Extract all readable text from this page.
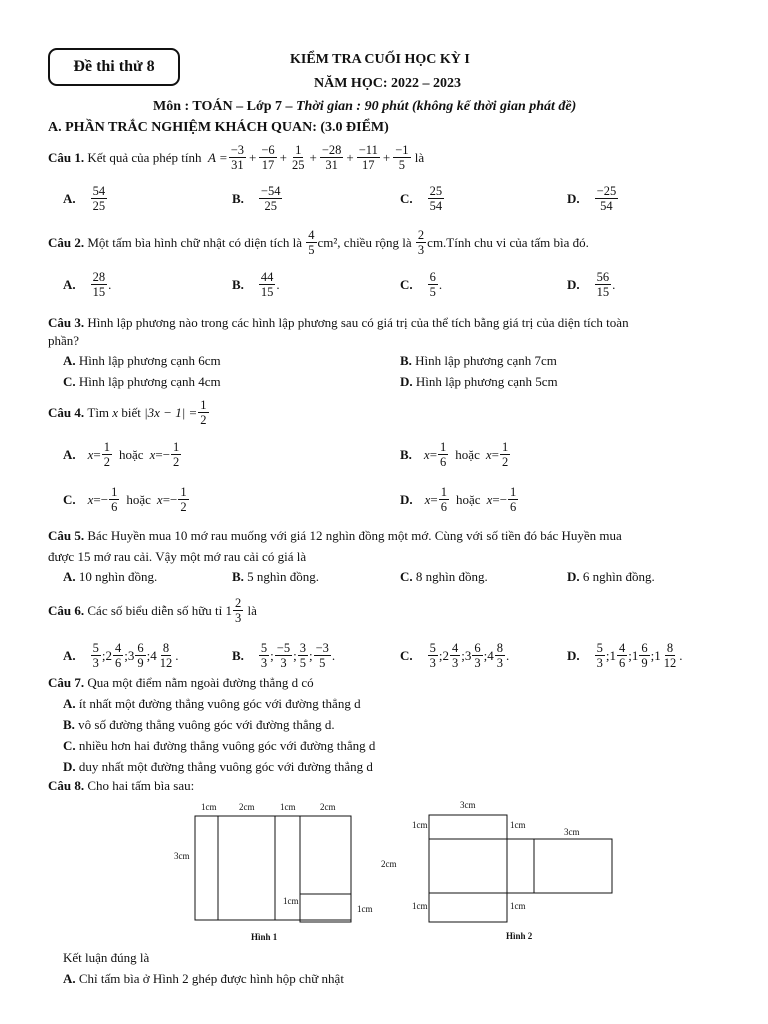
Đề thi thử 8	KIỂM TRA CUỐI HỌC KỲ I
NĂM HỌC: 2022 – 2023
Môn : TOÁN – Lớp 7 – Thời gian : 90 phút (không kể thời gian phát đề)
A. PHẦN TRẮC NGHIỆM KHÁCH QUAN: (3.0 ĐIỂM)
Câu 1.
Kết quả của phép tính
$A = \frac{-3}{31} + \frac{-6}{17} + \frac{1}{25} + \frac{-28}{31} + \frac{-11}{17} + \frac{-1}{5}$
là
A. $\frac{54}{25}$	B. $\frac{-54}{25}$	C. $\frac{25}{54}$	D. $\frac{-25}{54}$
Câu 2.
Một tấm bìa hình chữ nhật có diện tích là
$\frac{4}{5} cm^2$, chiều rộng là
$\frac{2}{3}$ cm.Tính chu vi của tấm bìa đó.
A. $\frac{28}{15}$ .	B. $\frac{44}{15}$ .	C. $\frac{6}{5}$ .	D. $\frac{56}{15}$ .
Câu 3. Hình lập phương nào trong các hình lập phương sau có giá trị của thể tích bằng giá trị của diện tích toàn
phần?
A. Hình lập phương cạnh 6cm	B. Hình lập phương cạnh 7cm
C. Hình lập phương cạnh 4cm	D. Hình lập phương cạnh 5cm
Câu 4.
Tìm
x
biết
$|3x - 1| = \frac{1}{2}$
A. $x = \frac{1}{2}$ hoặc x = − $\frac{1}{2}$	B. $x = \frac{1}{6}$ hoặc $x = \frac{1}{2}$
C. x = − $\frac{1}{6}$ hoặc x = − $\frac{1}{2}$	D. $x = \frac{1}{6}$ hoặc x = − $\frac{1}{6}$
Câu 5. Bác Huyền mua 10 mớ rau muống với giá 12 nghìn đồng một mớ. Cùng với số tiền đó bác Huyền mua
được 15 mớ rau cải. Vậy một mớ rau cải có giá là
A. 10 nghìn đồng.	B. 5 nghìn đồng.	C. 8 nghìn đồng.	D. 6 nghìn đồng.
Câu 6.
Các số biểu diễn số hữu tỉ
$1 \frac{2}{3}$
là
A. $\frac{5}{3}$ ; $2 \frac{4}{6}$ ; $3 \frac{6}{9}$ ; $4 \frac{8}{12}$ .	B. $\frac{5}{3}$ ; $\frac{-5}{3}$ ; $\frac{3}{5}$ ; $\frac{-3}{5}$ .	C. $\frac{5}{3}$ ; $2 \frac{4}{3}$ ; $3 \frac{6}{3}$ ; $4 \frac{8}{3}$ .	D. $\frac{5}{3}$ ; $1 \frac{4}{6}$ ; $1 \frac{6}{9}$ ; $1 \frac{8}{12}$ .
Câu 7. Qua một điểm nằm ngoài đường thẳng d có
A. ít nhất một đường thẳng vuông góc với đường thẳng d
B. vô số đường thẳng vuông góc với đường thẳng d.
C. nhiều hơn hai đường thẳng vuông góc với đường thẳng d
D. duy nhất một đường thẳng vuông góc với đường thẳng d
Câu 8. Cho hai tấm bìa sau:
1cm	2cm	1cm	2cm
3cm
1cm
1cm
Hình 1
3cm
1cm	1cm
3cm
2cm
1cm	1cm
Hình 2
Kết luận đúng là
A. Chỉ tấm bìa ở Hình 2 ghép được hình hộp chữ nhật
